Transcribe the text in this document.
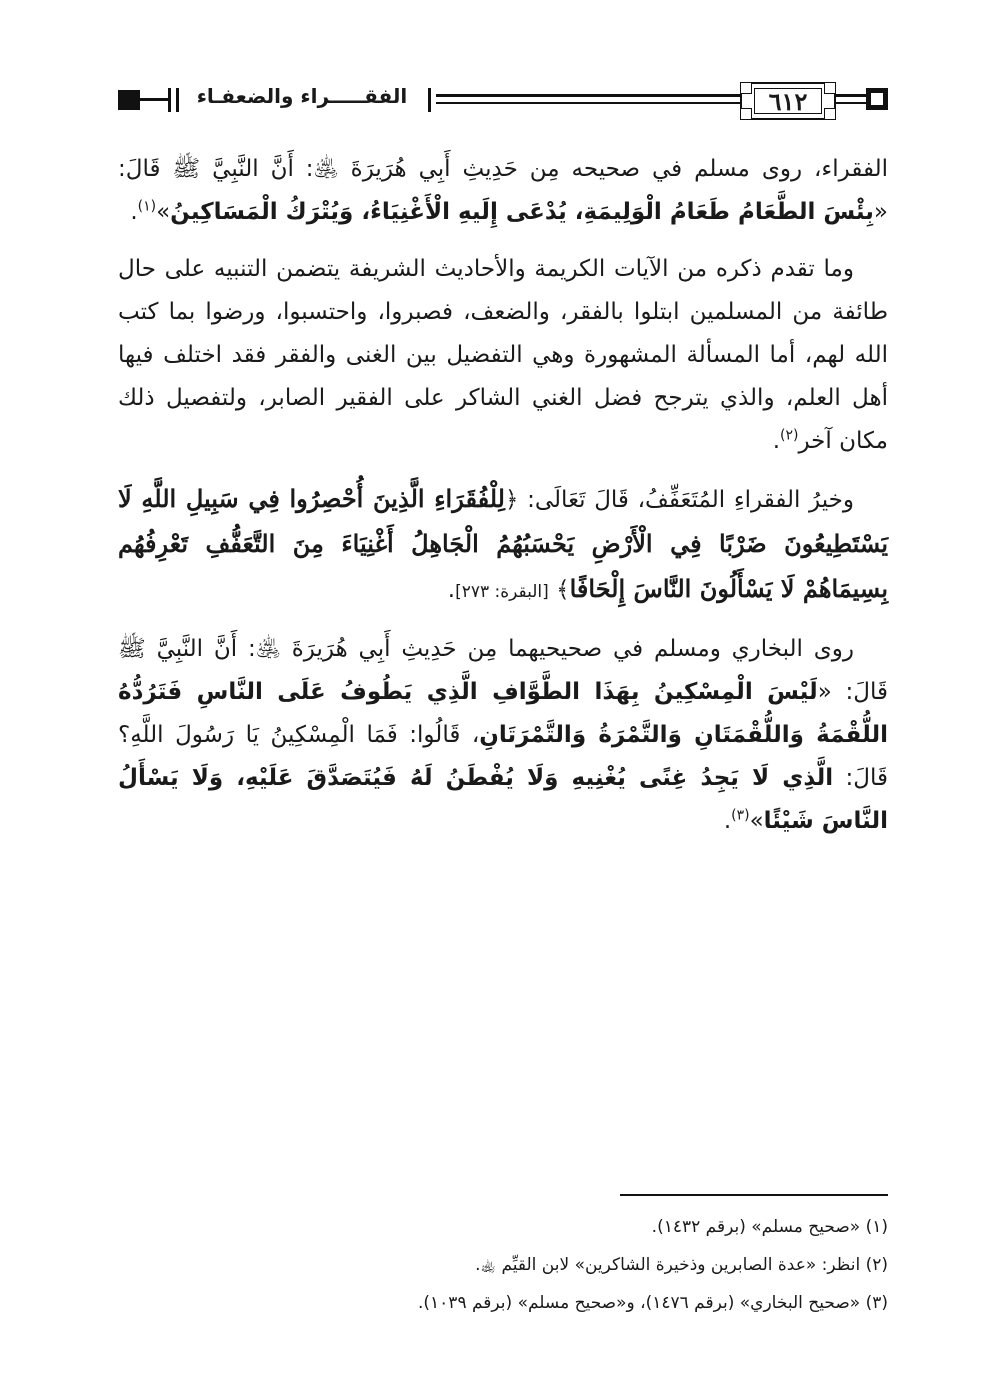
الفقـــــراء والضعفـاء	٦١٢

الفقراء، روى مسلم في صحيحه مِن حَدِيثِ أَبِي هُرَيرَةَ ﵁: أَنَّ النَّبِيَّ ﷺ قَالَ: «بِئْسَ الطَّعَامُ طَعَامُ الْوَلِيمَةِ، يُدْعَى إِلَيهِ الْأَغْنِيَاءُ، وَيُتْرَكُ الْمَسَاكِينُ»$^{(١)}$.

وما تقدم ذكره من الآيات الكريمة والأحاديث الشريفة يتضمن التنبيه على حال طائفة من المسلمين ابتلوا بالفقر، والضعف، فصبروا، واحتسبوا، ورضوا بما كتب الله لهم، أما المسألة المشهورة وهي التفضيل بين الغنى والفقر فقد اختلف فيها أهل العلم، والذي يترجح فضل الغني الشاكر على الفقير الصابر، ولتفصيل ذلك مكان آخر$^{(٢)}$.

وخيرُ الفقراءِ المُتَعَفِّفُ، قَالَ تَعَالَى: ﴿لِلْفُقَرَاءِ الَّذِينَ أُحْصِرُوا فِي سَبِيلِ اللَّهِ لَا يَسْتَطِيعُونَ ضَرْبًا فِي الْأَرْضِ يَحْسَبُهُمُ الْجَاهِلُ أَغْنِيَاءَ مِنَ التَّعَفُّفِ تَعْرِفُهُم بِسِيمَاهُمْ لَا يَسْأَلُونَ النَّاسَ إِلْحَافًا﴾ [البقرة: ٢٧٣].

روى البخاري ومسلم في صحيحيهما مِن حَدِيثِ أَبِي هُرَيرَةَ ﵁: أَنَّ النَّبِيَّ ﷺ قَالَ: «لَيْسَ الْمِسْكِينُ بِهَذَا الطَّوَّافِ الَّذِي يَطُوفُ عَلَى النَّاسِ فَتَرُدُّهُ اللُّقْمَةُ وَاللُّقْمَتَانِ وَالتَّمْرَةُ وَالتَّمْرَتَانِ، قَالُوا: فَمَا الْمِسْكِينُ يَا رَسُولَ اللَّهِ؟ قَالَ: الَّذِي لَا يَجِدُ غِنًى يُغْنِيهِ وَلَا يُفْطَنُ لَهُ فَيُتَصَدَّقَ عَلَيْهِ، وَلَا يَسْأَلُ النَّاسَ شَيْئًا»$^{(٣)}$.

(١) «صحيح مسلم» (برقم ١٤٣٢).
(٢) انظر: «عدة الصابرين وذخيرة الشاكرين» لابن القيِّم ﵀.
(٣) «صحيح البخاري» (برقم ١٤٧٦)، و«صحيح مسلم» (برقم ١٠٣٩).
